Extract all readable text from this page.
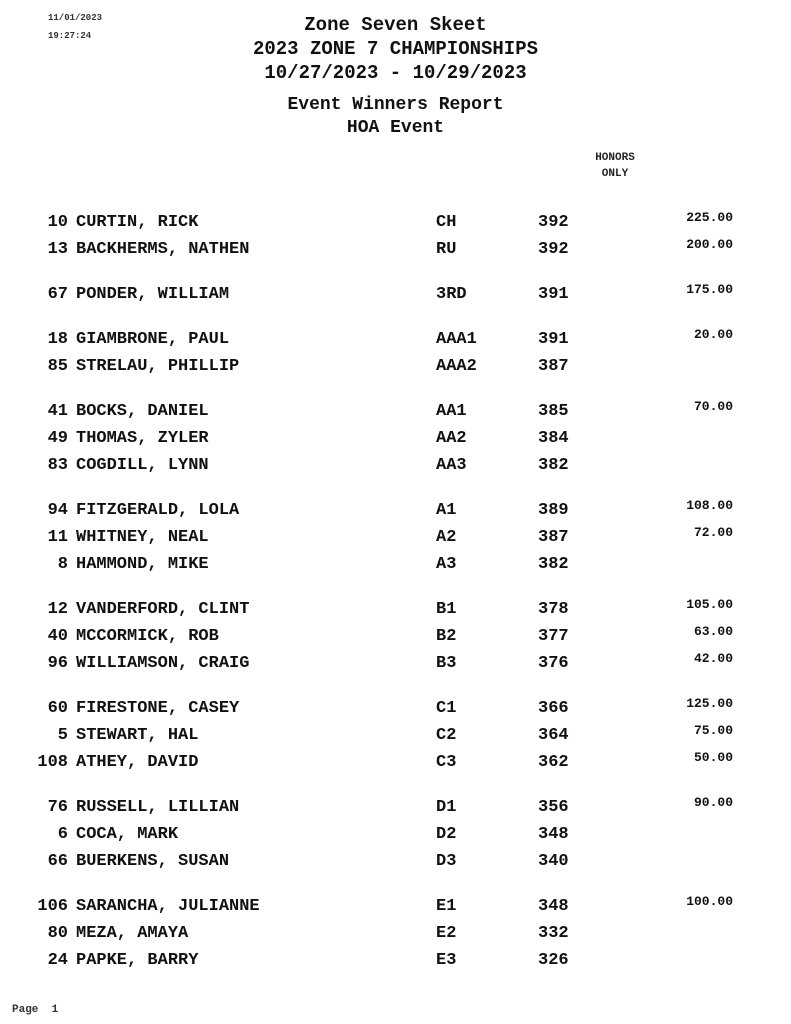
11/01/2023
19:27:24	Zone Seven Skeet
2023 ZONE 7 CHAMPIONSHIPS
10/27/2023 - 10/29/2023
Event Winners Report
HOA Event
HONORS
ONLY
10 CURTIN, RICK	CH	392	225.00
13 BACKHERMS, NATHEN	RU	392	200.00
67 PONDER, WILLIAM	3RD	391	175.00
18 GIAMBRONE, PAUL	AAA1	391	20.00
85 STRELAU, PHILLIP	AAA2	387
41 BOCKS, DANIEL	AA1	385	70.00
49 THOMAS, ZYLER	AA2	384
83 COGDILL, LYNN	AA3	382
94 FITZGERALD, LOLA	A1	389	108.00
11 WHITNEY, NEAL	A2	387	72.00
8 HAMMOND, MIKE	A3	382
12 VANDERFORD, CLINT	B1	378	105.00
40 MCCORMICK, ROB	B2	377	63.00
96 WILLIAMSON, CRAIG	B3	376	42.00
60 FIRESTONE, CASEY	C1	366	125.00
5 STEWART, HAL	C2	364	75.00
108 ATHEY, DAVID	C3	362	50.00
76 RUSSELL, LILLIAN	D1	356	90.00
6 COCA, MARK	D2	348
66 BUERKENS, SUSAN	D3	340
106 SARANCHA, JULIANNE	E1	348	100.00
80 MEZA, AMAYA	E2	332
24 PAPKE, BARRY	E3	326
Page 1
